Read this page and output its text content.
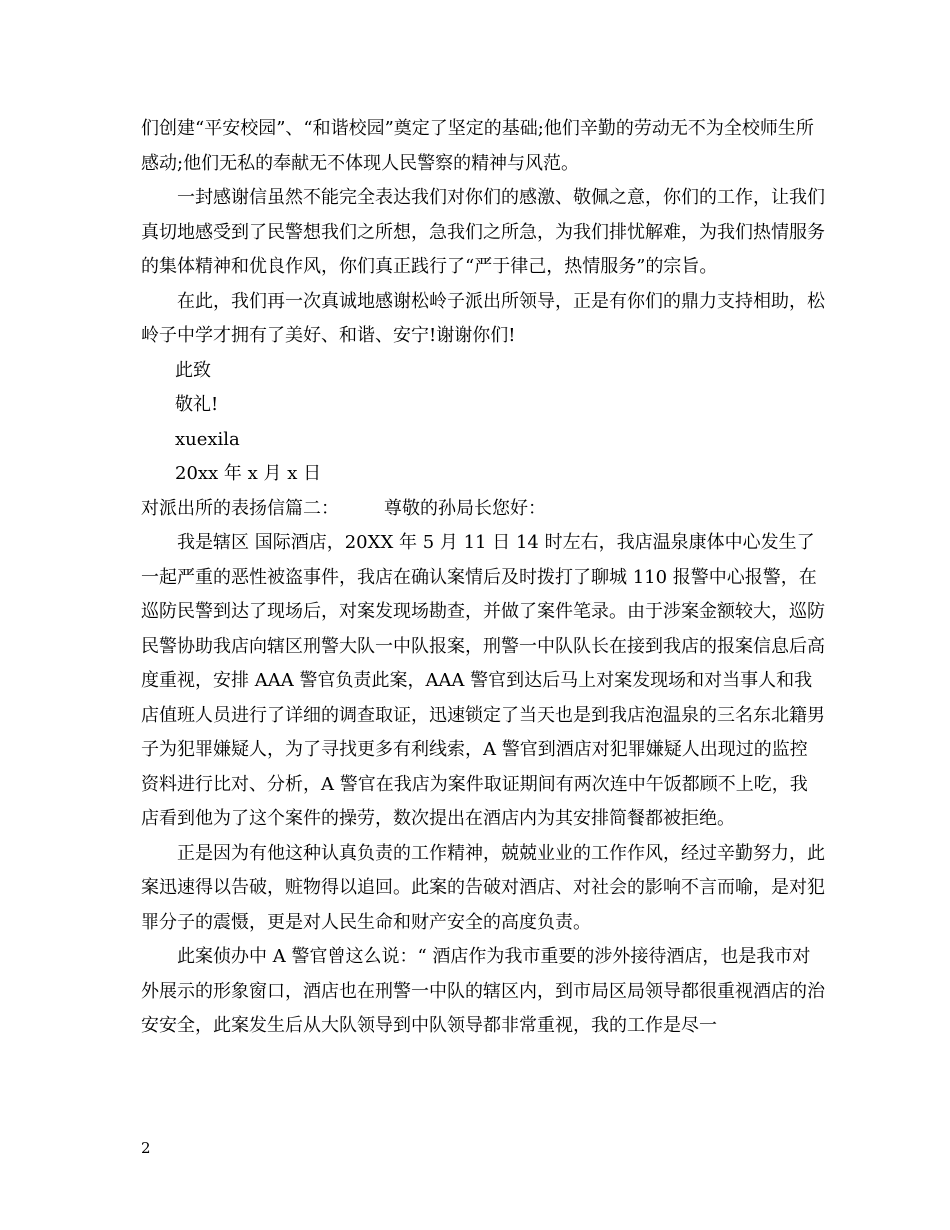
们创建“平安校园”、“和谐校园”奠定了坚定的基础;他们辛勤的劳动无不为全校师生所感动;他们无私的奉献无不体现人民警察的精神与风范。

一封感谢信虽然不能完全表达我们对你们的感激、敬佩之意，你们的工作，让我们真切地感受到了民警想我们之所想，急我们之所急，为我们排忧解难，为我们热情服务的集体精神和优良作风，你们真正践行了“严于律己，热情服务”的宗旨。

在此，我们再一次真诚地感谢松岭子派出所领导，正是有你们的鼎力支持相助，松岭子中学才拥有了美好、和谐、安宁!谢谢你们!

此致

敬礼!

xuexila

20xx 年 x 月 x 日

对派出所的表扬信篇二：　　　尊敬的孙局长您好：

我是辖区 国际酒店，20XX 年 5 月 11 日 14 时左右，我店温泉康体中心发生了一起严重的恶性被盗事件，我店在确认案情后及时拨打了聊城 110 报警中心报警，在巡防民警到达了现场后，对案发现场勘查，并做了案件笔录。由于涉案金额较大，巡防民警协助我店向辖区刑警大队一中队报案，刑警一中队队长在接到我店的报案信息后高度重视，安排 AAA 警官负责此案，AAA 警官到达后马上对案发现场和对当事人和我店值班人员进行了详细的调查取证，迅速锁定了当天也是到我店泡温泉的三名东北籍男子为犯罪嫌疑人，为了寻找更多有利线索，A 警官到酒店对犯罪嫌疑人出现过的监控资料进行比对、分析，A 警官在我店为案件取证期间有两次连中午饭都顾不上吃，我店看到他为了这个案件的操劳，数次提出在酒店内为其安排简餐都被拒绝。

正是因为有他这种认真负责的工作精神，兢兢业业的工作作风，经过辛勤努力，此案迅速得以告破，赃物得以追回。此案的告破对酒店、对社会的影响不言而喻，是对犯罪分子的震慑，更是对人民生命和财产安全的高度负责。

此案侦办中 A 警官曾这么说：“ 酒店作为我市重要的涉外接待酒店，也是我市对外展示的形象窗口，酒店也在刑警一中队的辖区内，到市局区局领导都很重视酒店的治安安全，此案发生后从大队领导到中队领导都非常重视，我的工作是尽一

2
